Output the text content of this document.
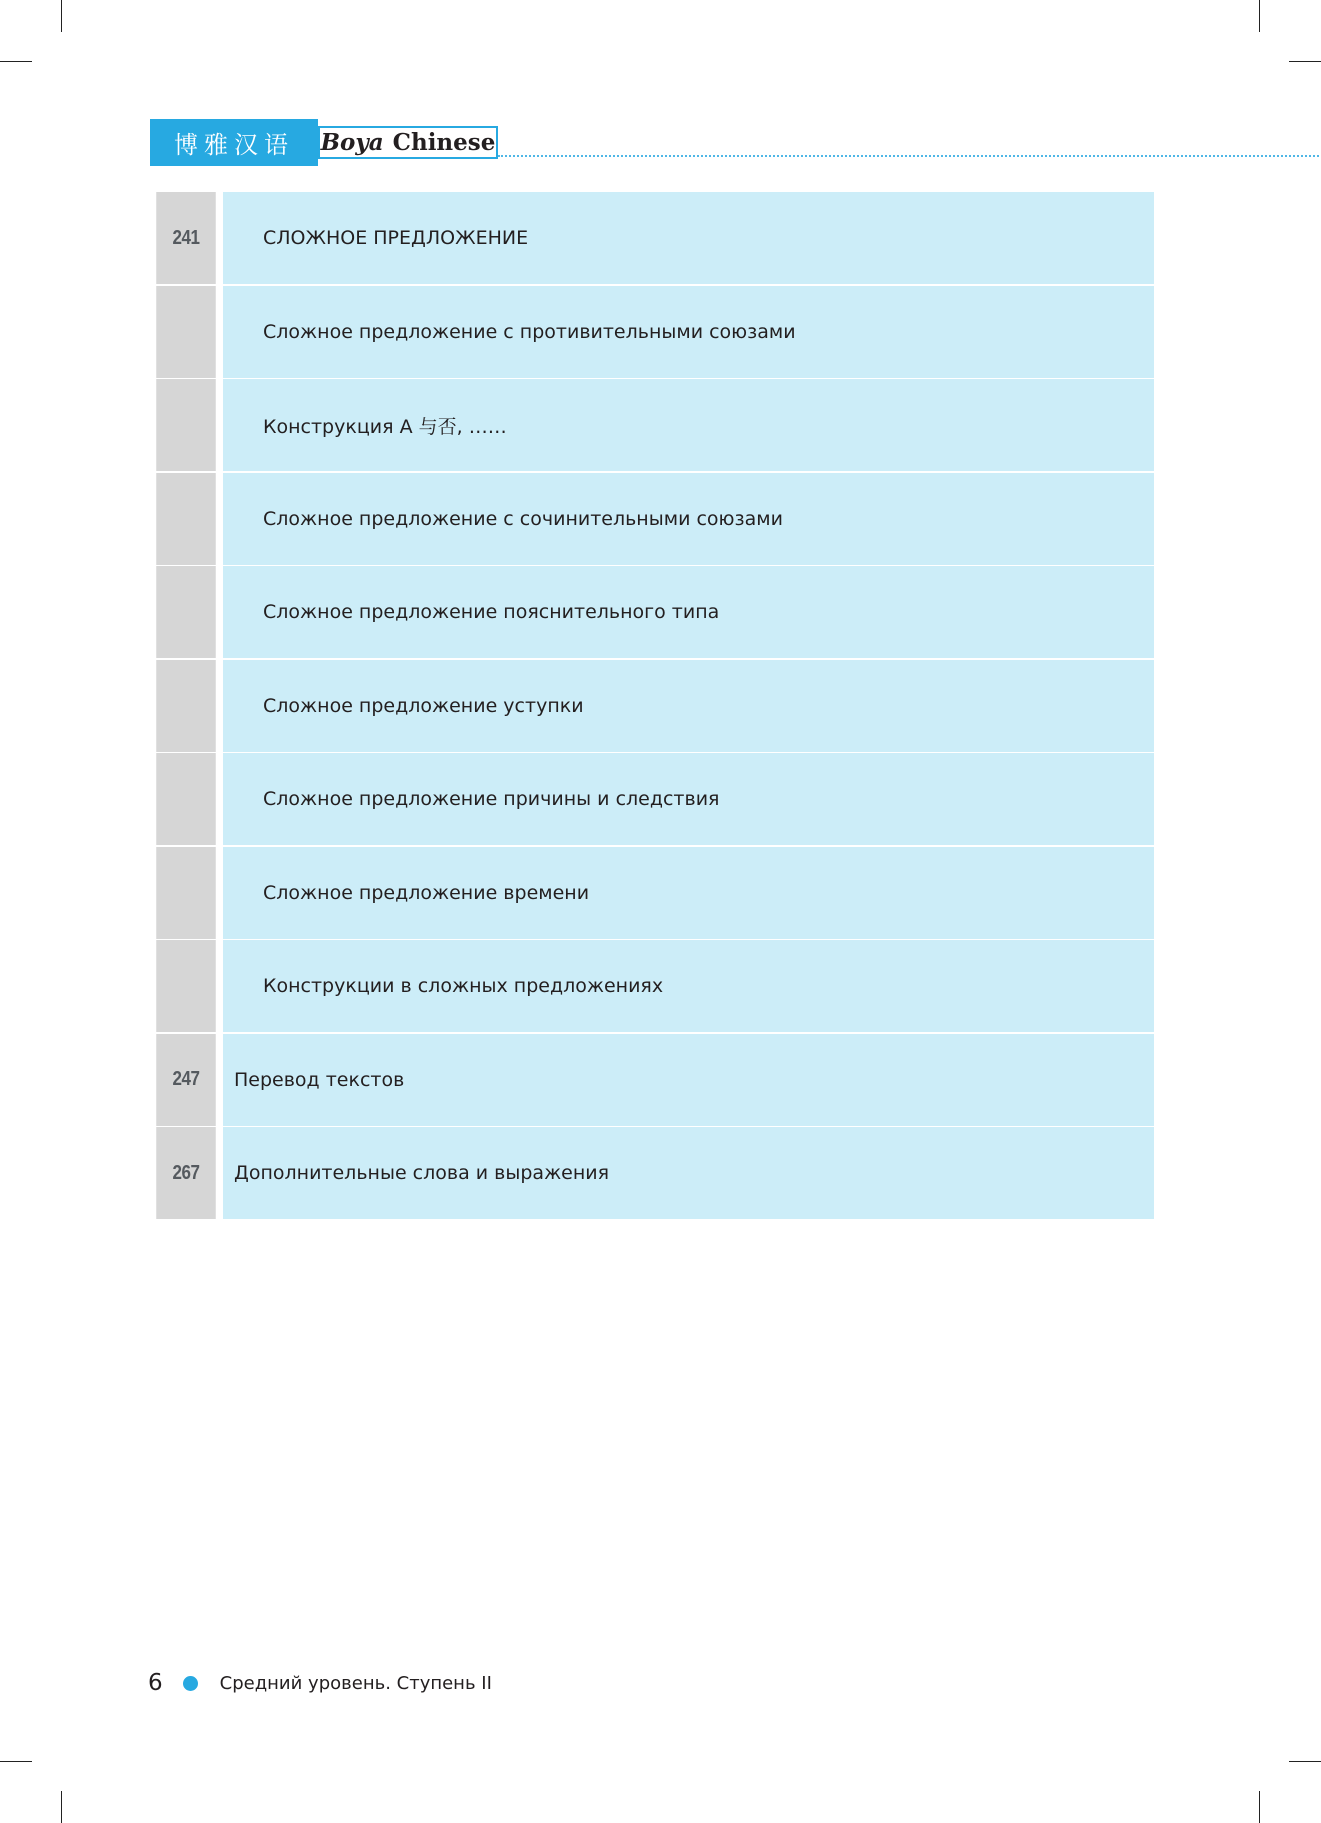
博雅汉语	Boya Chinese
241	СЛОЖНОЕ ПРЕДЛОЖЕНИЕ
Сложное предложение с противительными союзами
Конструкция А 与否, ……
Сложное предложение с сочинительными союзами
Сложное предложение пояснительного типа
Сложное предложение уступки
Сложное предложение причины и следствия
Сложное предложение времени
Конструкции в сложных предложениях
247	Перевод текстов
267	Дополнительные слова и выражения
6	Средний уровень. Ступень II
